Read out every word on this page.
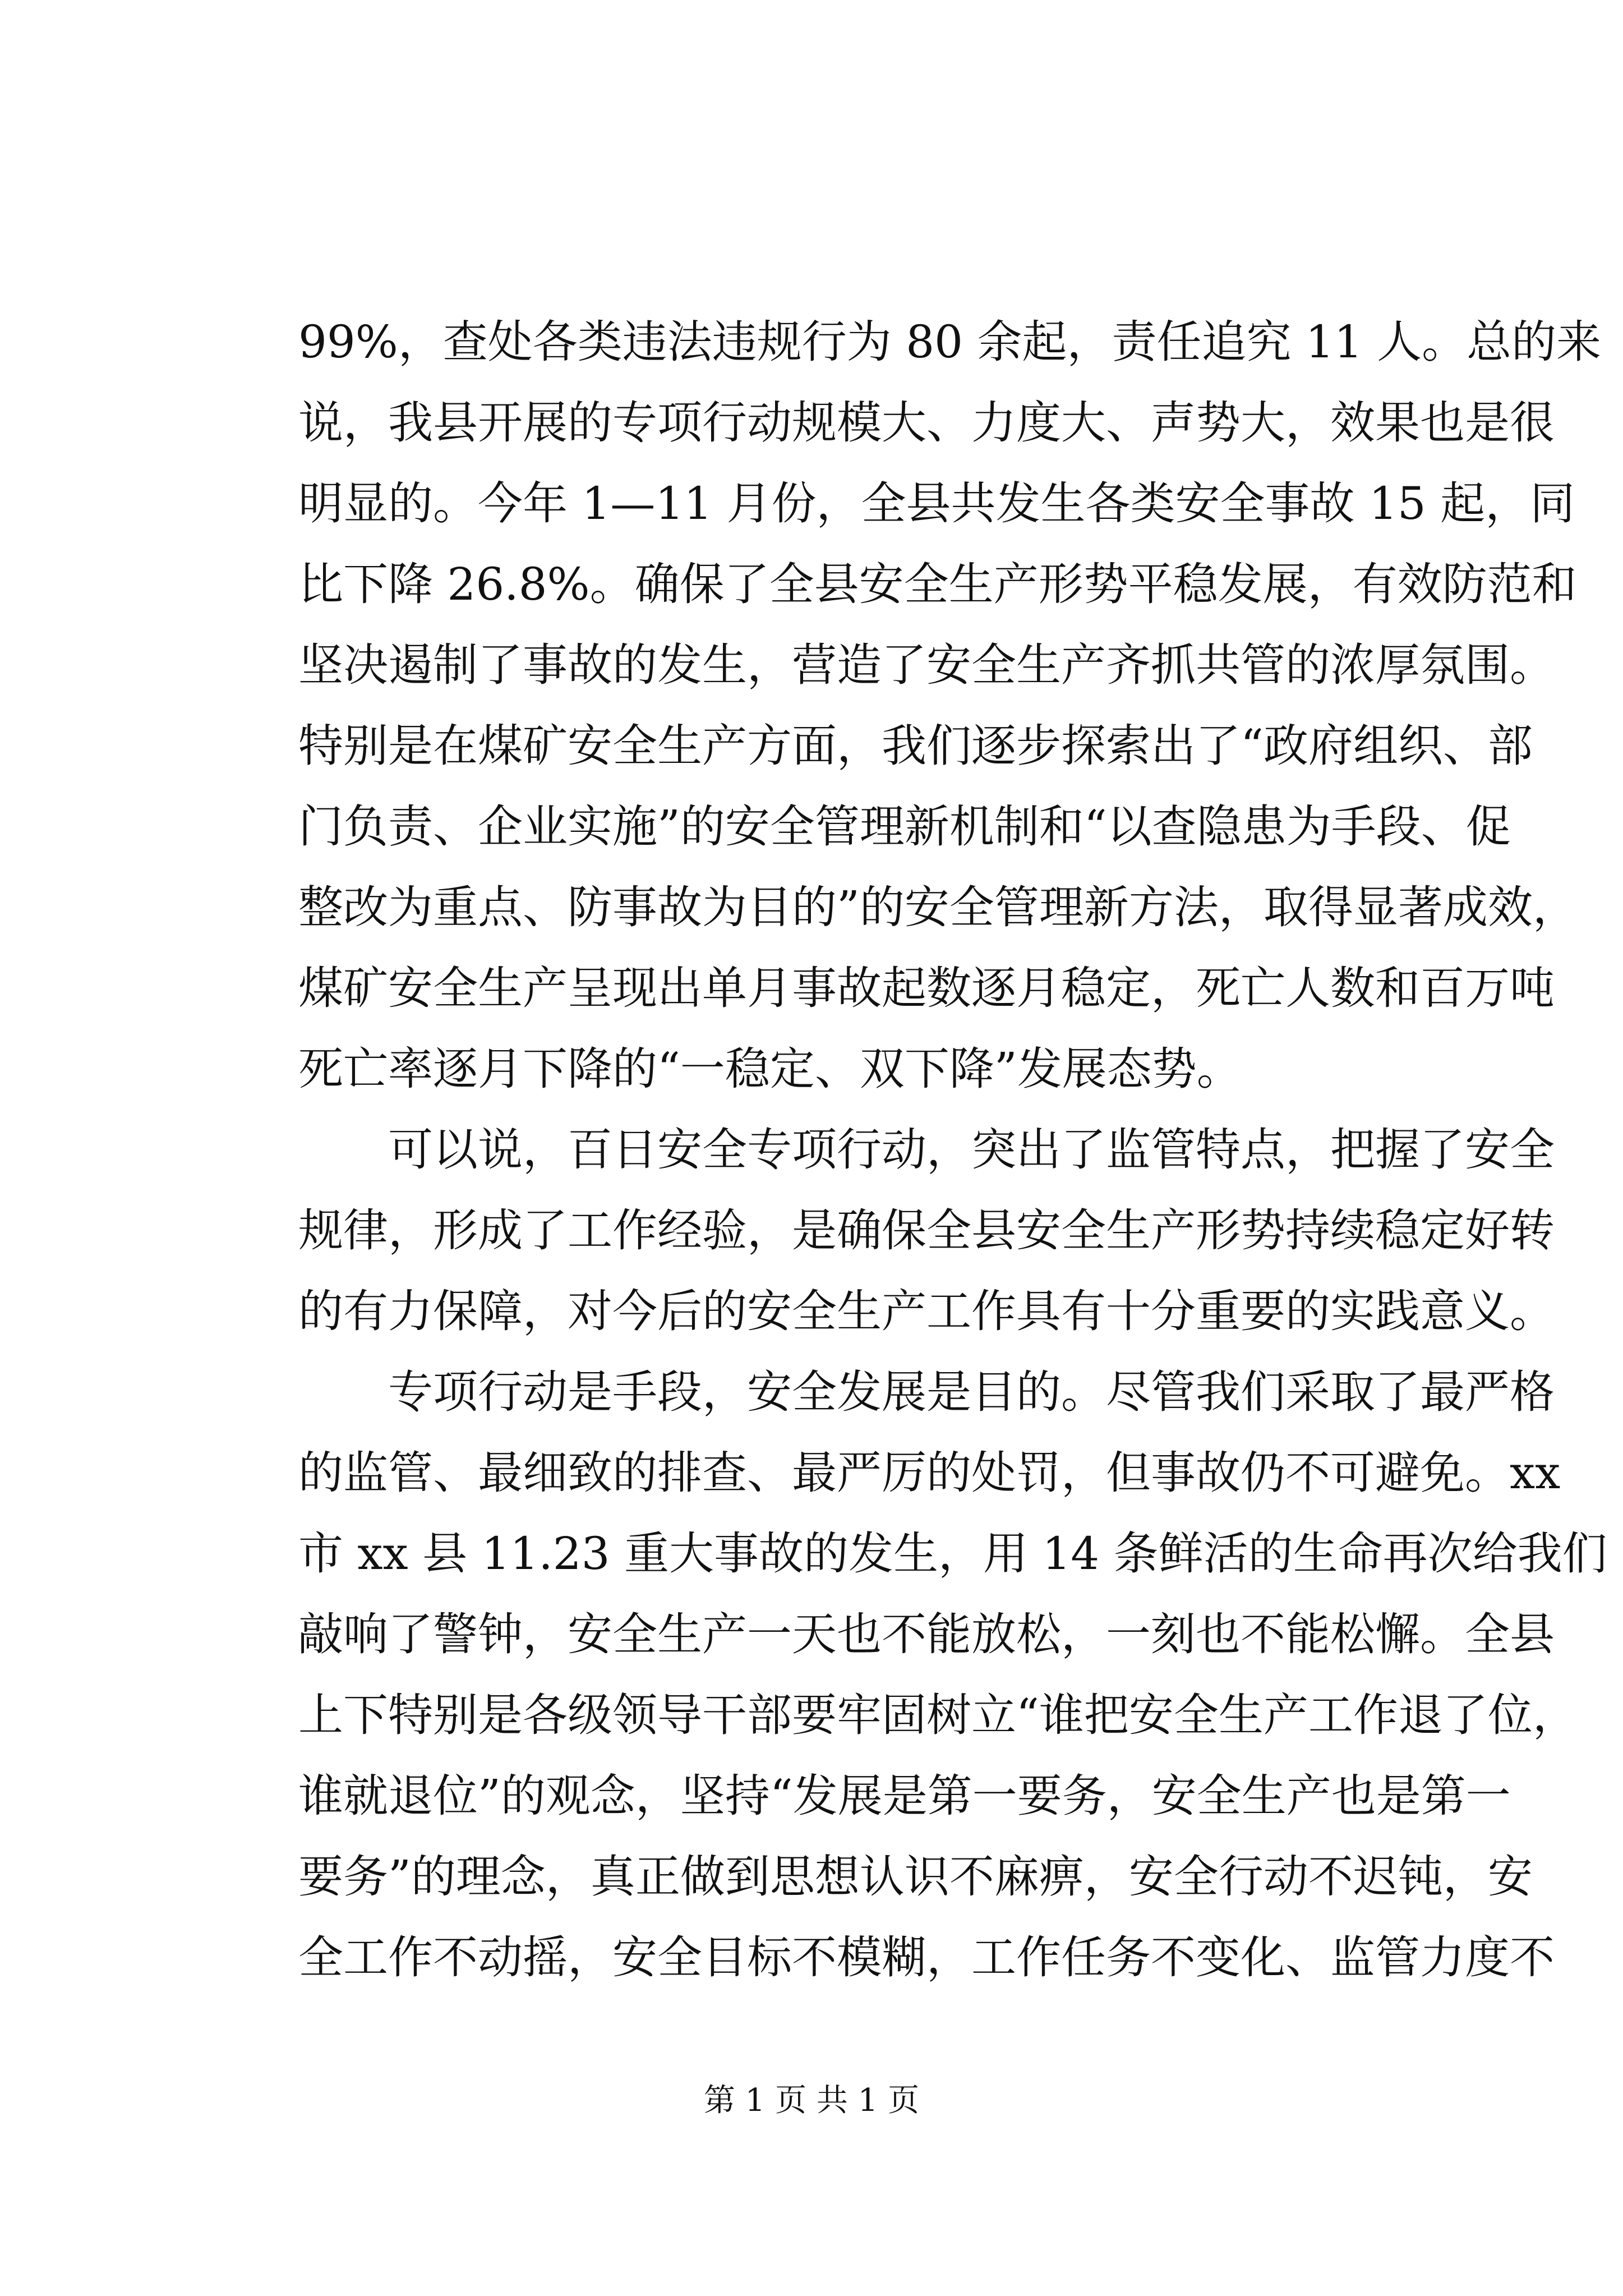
99%，查处各类违法违规行为 80 余起，责任追究 11 人。总的来
说，我县开展的专项行动规模大、力度大、声势大，效果也是很
明显的。今年 1—11 月份，全县共发生各类安全事故 15 起，同
比下降 26.8%。确保了全县安全生产形势平稳发展，有效防范和
坚决遏制了事故的发生，营造了安全生产齐抓共管的浓厚氛围。
特别是在煤矿安全生产方面，我们逐步探索出了“政府组织、部
门负责、企业实施”的安全管理新机制和“以查隐患为手段、促
整改为重点、防事故为目的”的安全管理新方法，取得显著成效，
煤矿安全生产呈现出单月事故起数逐月稳定，死亡人数和百万吨
死亡率逐月下降的“一稳定、双下降”发展态势。
　　可以说，百日安全专项行动，突出了监管特点，把握了安全
规律，形成了工作经验，是确保全县安全生产形势持续稳定好转
的有力保障，对今后的安全生产工作具有十分重要的实践意义。
　　专项行动是手段，安全发展是目的。尽管我们采取了最严格
的监管、最细致的排查、最严厉的处罚，但事故仍不可避免。xx
市 xx 县 11.23 重大事故的发生，用 14 条鲜活的生命再次给我们
敲响了警钟，安全生产一天也不能放松，一刻也不能松懈。全县
上下特别是各级领导干部要牢固树立“谁把安全生产工作退了位，
谁就退位”的观念，坚持“发展是第一要务，安全生产也是第一
要务”的理念，真正做到思想认识不麻痹，安全行动不迟钝，安
全工作不动摇，安全目标不模糊，工作任务不变化、监管力度不
第 1 页 共 1 页
